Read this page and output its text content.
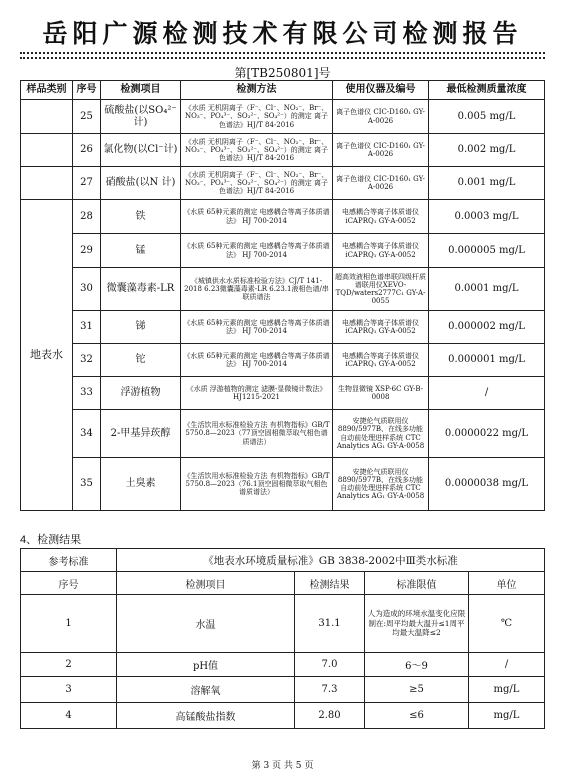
岳阳广源检测技术有限公司检测报告
第[TB250801]号
样品类别	序号	检测项目	检测方法	使用仪器及编号	最低检测质量浓度
	25	硫酸盐(以SO₄²⁻计)	《水质 无机阴离子（F⁻、Cl⁻、NO₂⁻、Br⁻、NO₃⁻、PO₄³⁻、SO₃²⁻、SO₄²⁻）的测定 离子色谱法》HJ/T 84-2016	离子色谱仪 CIC-D160₁ GY-A-0026	0.005 mg/L
	26	氯化物(以Cl⁻计)	《水质 无机阴离子（F⁻、Cl⁻、NO₂⁻、Br⁻、NO₃⁻、PO₄³⁻、SO₃²⁻、SO₄²⁻）的测定 离子色谱法》HJ/T 84-2016	离子色谱仪 CIC-D160₁ GY-A-0026	0.002 mg/L
	27	硝酸盐(以N 计)	《水质 无机阴离子（F⁻、Cl⁻、NO₂⁻、Br⁻、NO₃⁻、PO₄³⁻、SO₃²⁻、SO₄²⁻）的测定 离子色谱法》HJ/T 84-2016	离子色谱仪 CIC-D160₁ GY-A-0026	0.001 mg/L
地表水	28	铁	《水质 65种元素的测定 电感耦合等离子体质谱法》 HJ 700-2014	电感耦合等离子体质谱仪iCAPRQ₁ GY-A-0052	0.0003 mg/L
	29	锰	《水质 65种元素的测定 电感耦合等离子体质谱法》 HJ 700-2014	电感耦合等离子体质谱仪iCAPRQ₁ GY-A-0052	0.000005 mg/L
	30	微囊藻毒素-LR	《城镇供水水质标准检验方法》CJ/T 141-2018 6.23微囊藻毒素-LR 6.23.1液相色谱/串联质谱法	超高效液相色谱串联四级杆质谱联用仪XEVO-TQD/waters2777C₁ GY-A-0055	0.0001 mg/L
	31	锑	《水质 65种元素的测定 电感耦合等离子体质谱法》 HJ 700-2014	电感耦合等离子体质谱仪iCAPRQ₁ GY-A-0052	0.000002 mg/L
	32	铊	《水质 65种元素的测定 电感耦合等离子体质谱法》 HJ 700-2014	电感耦合等离子体质谱仪iCAPRQ₁ GY-A-0052	0.000001 mg/L
	33	浮游植物	《水质 浮游植物的测定 滤膜-显微镜计数法》HJ1215-2021	生物显微镜 XSP-6C GY-B-0008	/
	34	2-甲基异莰醇	《生活饮用水标准检验方法 有机物指标》GB/T 5750.8—2023（77顶空固相微萃取气相色谱质谱法）	安捷伦气质联用仪8890/5977B、在线多功能自动前处理进样系统 CTC Analytics AG₁ GY-A-0058	0.0000022 mg/L
	35	土臭素	《生活饮用水标准检验方法 有机物指标》GB/T 5750.8—2023（76.1顶空固相微萃取气相色谱质谱法）	安捷伦气质联用仪8890/5977B、在线多功能自动前处理进样系统 CTC Analytics AG₁ GY-A-0058	0.0000038 mg/L
4、检测结果
参考标准	《地表水环境质量标准》GB 3838-2002中Ⅲ类水标准			
序号	检测项目	检测结果	标准限值	单位
1	水温	31.1	人为造成的环境水温变化应限制在:周平均最大温升≤1周平均最大温降≤2	℃
2	pH值	7.0	6～9	/
3	溶解氧	7.3	≥5	mg/L
4	高锰酸盐指数	2.80	≤6	mg/L
第 3 页 共 5 页
